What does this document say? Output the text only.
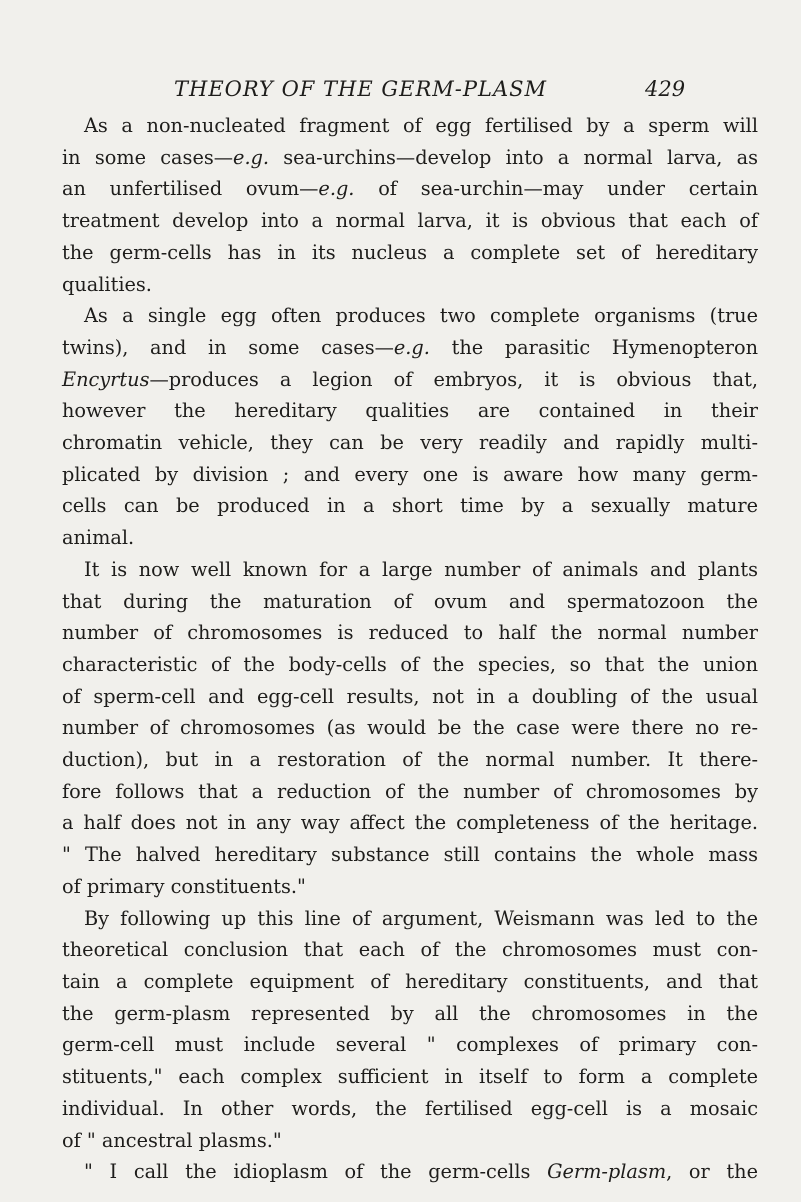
THEORY OF THE GERM-PLASM	429
As a non-nucleated fragment of egg fertilised by a sperm will
in some cases—e.g. sea-urchins—develop into a normal larva, as
an unfertilised ovum—e.g. of sea-urchin—may under certain
treatment develop into a normal larva, it is obvious that each of
the germ-cells has in its nucleus a complete set of hereditary
qualities.
As a single egg often produces two complete organisms (true
twins), and in some cases—e.g. the parasitic Hymenopteron
Encyrtus—produces a legion of embryos, it is obvious that,
however the hereditary qualities are contained in their
chromatin vehicle, they can be very readily and rapidly multi-
plicated by division ; and every one is aware how many germ-
cells can be produced in a short time by a sexually mature
animal.
It is now well known for a large number of animals and plants
that during the maturation of ovum and spermatozoon the
number of chromosomes is reduced to half the normal number
characteristic of the body-cells of the species, so that the union
of sperm-cell and egg-cell results, not in a doubling of the usual
number of chromosomes (as would be the case were there no re-
duction), but in a restoration of the normal number. It there-
fore follows that a reduction of the number of chromosomes by
a half does not in any way affect the completeness of the heritage.
" The halved hereditary substance still contains the whole mass
of primary constituents."
By following up this line of argument, Weismann was led to the
theoretical conclusion that each of the chromosomes must con-
tain a complete equipment of hereditary constituents, and that
the germ-plasm represented by all the chromosomes in the
germ-cell must include several " complexes of primary con-
stituents," each complex sufficient in itself to form a complete
individual. In other words, the fertilised egg-cell is a mosaic
of " ancestral plasms."
" I call the idioplasm of the germ-cells Germ-plasm, or the
